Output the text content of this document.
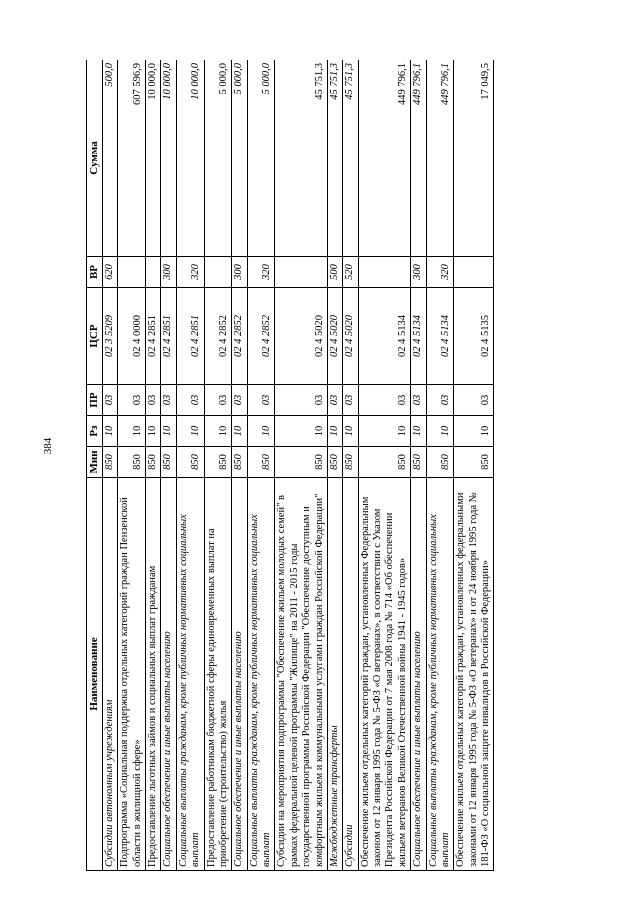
384
Наименование	Мин	Рз	ПР	ЦСР	ВР	Сумма
Субсидии автономным учреждениям	850	10	03	02 3 5209	620	500,0
Подпрограмма «Социальная поддержка отдельных категорий граждан Пензенской области в жилищной сфере»	850	10	03	02 4 0000		607 596,9
Предоставление льготных займов и социальных выплат гражданам	850	10	03	02 4 2851		10 000,0
Социальное обеспечение и иные выплаты населению	850	10	03	02 4 2851	300	10 000,0
Социальные выплаты гражданам, кроме публичных нормативных социальных выплат	850	10	03	02 4 2851	320	10 000,0
Предоставление работникам бюджетной сферы единовременных выплат на приобретение (строительство) жилья	850	10	03	02 4 2852		5 000,0
Социальное обеспечение и иные выплаты населению	850	10	03	02 4 2852	300	5 000,0
Социальные выплаты гражданам, кроме публичных нормативных социальных выплат	850	10	03	02 4 2852	320	5 000,0
Субсидии на мероприятия подпрограммы "Обеспечение жильем молодых семей" в рамках федеральной целевой программы "Жилище" на 2011 - 2015 годы государственной программы Российской Федерации "Обеспечение доступным и комфортным жильем и коммунальными услугами граждан Российской Федерации"	850	10	03	02 4 5020		45 751,3
Межбюджетные трансферты	850	10	03	02 4 5020	500	45 751,3
Субсидии	850	10	03	02 4 5020	520	45 751,3
Обеспечение жильем отдельных категорий граждан, установленных Федеральным законом от 12 января 1995 года № 5-ФЗ «О ветеранах», в соответствии с Указом Президента Российской Федерации от 7 мая 2008 года № 714 «Об обеспечении жильем ветеранов Великой Отечественной войны 1941 - 1945 годов»	850	10	03	02 4 5134		449 796,1
Социальное обеспечение и иные выплаты населению	850	10	03	02 4 5134	300	449 796,1
Социальные выплаты гражданам, кроме публичных нормативных социальных выплат	850	10	03	02 4 5134	320	449 796,1
Обеспечение жильем отдельных категорий граждан, установленных федеральными законами от 12 января 1995 года № 5-ФЗ «О ветеранах» и от 24 ноября 1995 года № 181-ФЗ «О социальной защите инвалидов в Российской Федерации»	850	10	03	02 4 5135		17 049,5
